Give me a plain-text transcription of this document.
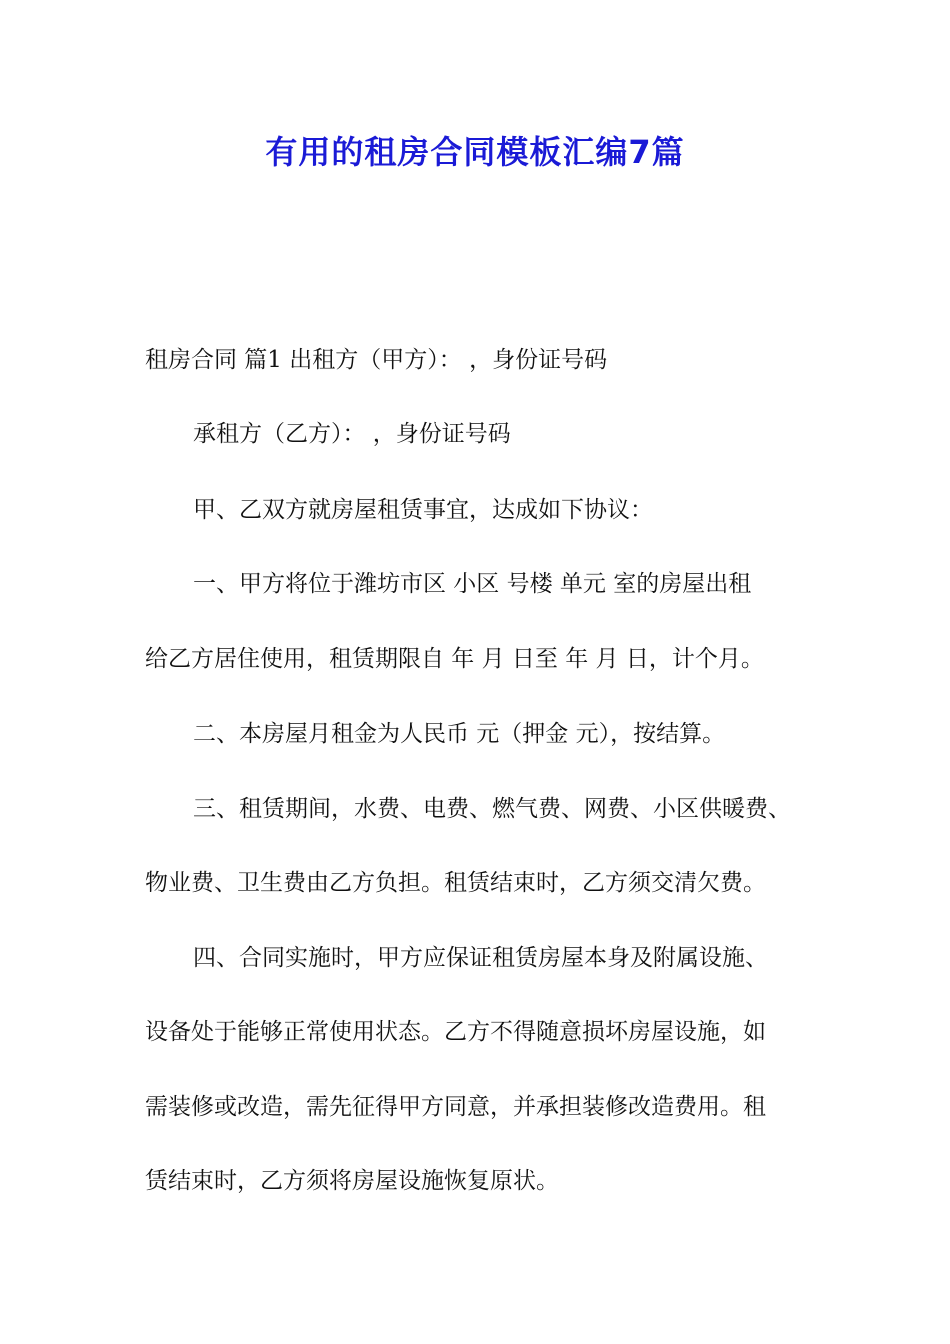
有用的租房合同模板汇编7篇

租房合同 篇1 出租方（甲方）： ，身份证号码

承租方（乙方）： ，身份证号码

甲、乙双方就房屋租赁事宜，达成如下协议：

一、甲方将位于潍坊市区 小区 号楼 单元 室的房屋出租

给乙方居住使用，租赁期限自 年 月 日至 年 月 日，计个月。

二、本房屋月租金为人民币 元（押金 元），按结算。

三、租赁期间，水费、电费、燃气费、网费、小区供暖费、

物业费、卫生费由乙方负担。租赁结束时，乙方须交清欠费。

四、合同实施时，甲方应保证租赁房屋本身及附属设施、

设备处于能够正常使用状态。乙方不得随意损坏房屋设施，如

需装修或改造，需先征得甲方同意，并承担装修改造费用。租

赁结束时，乙方须将房屋设施恢复原状。
